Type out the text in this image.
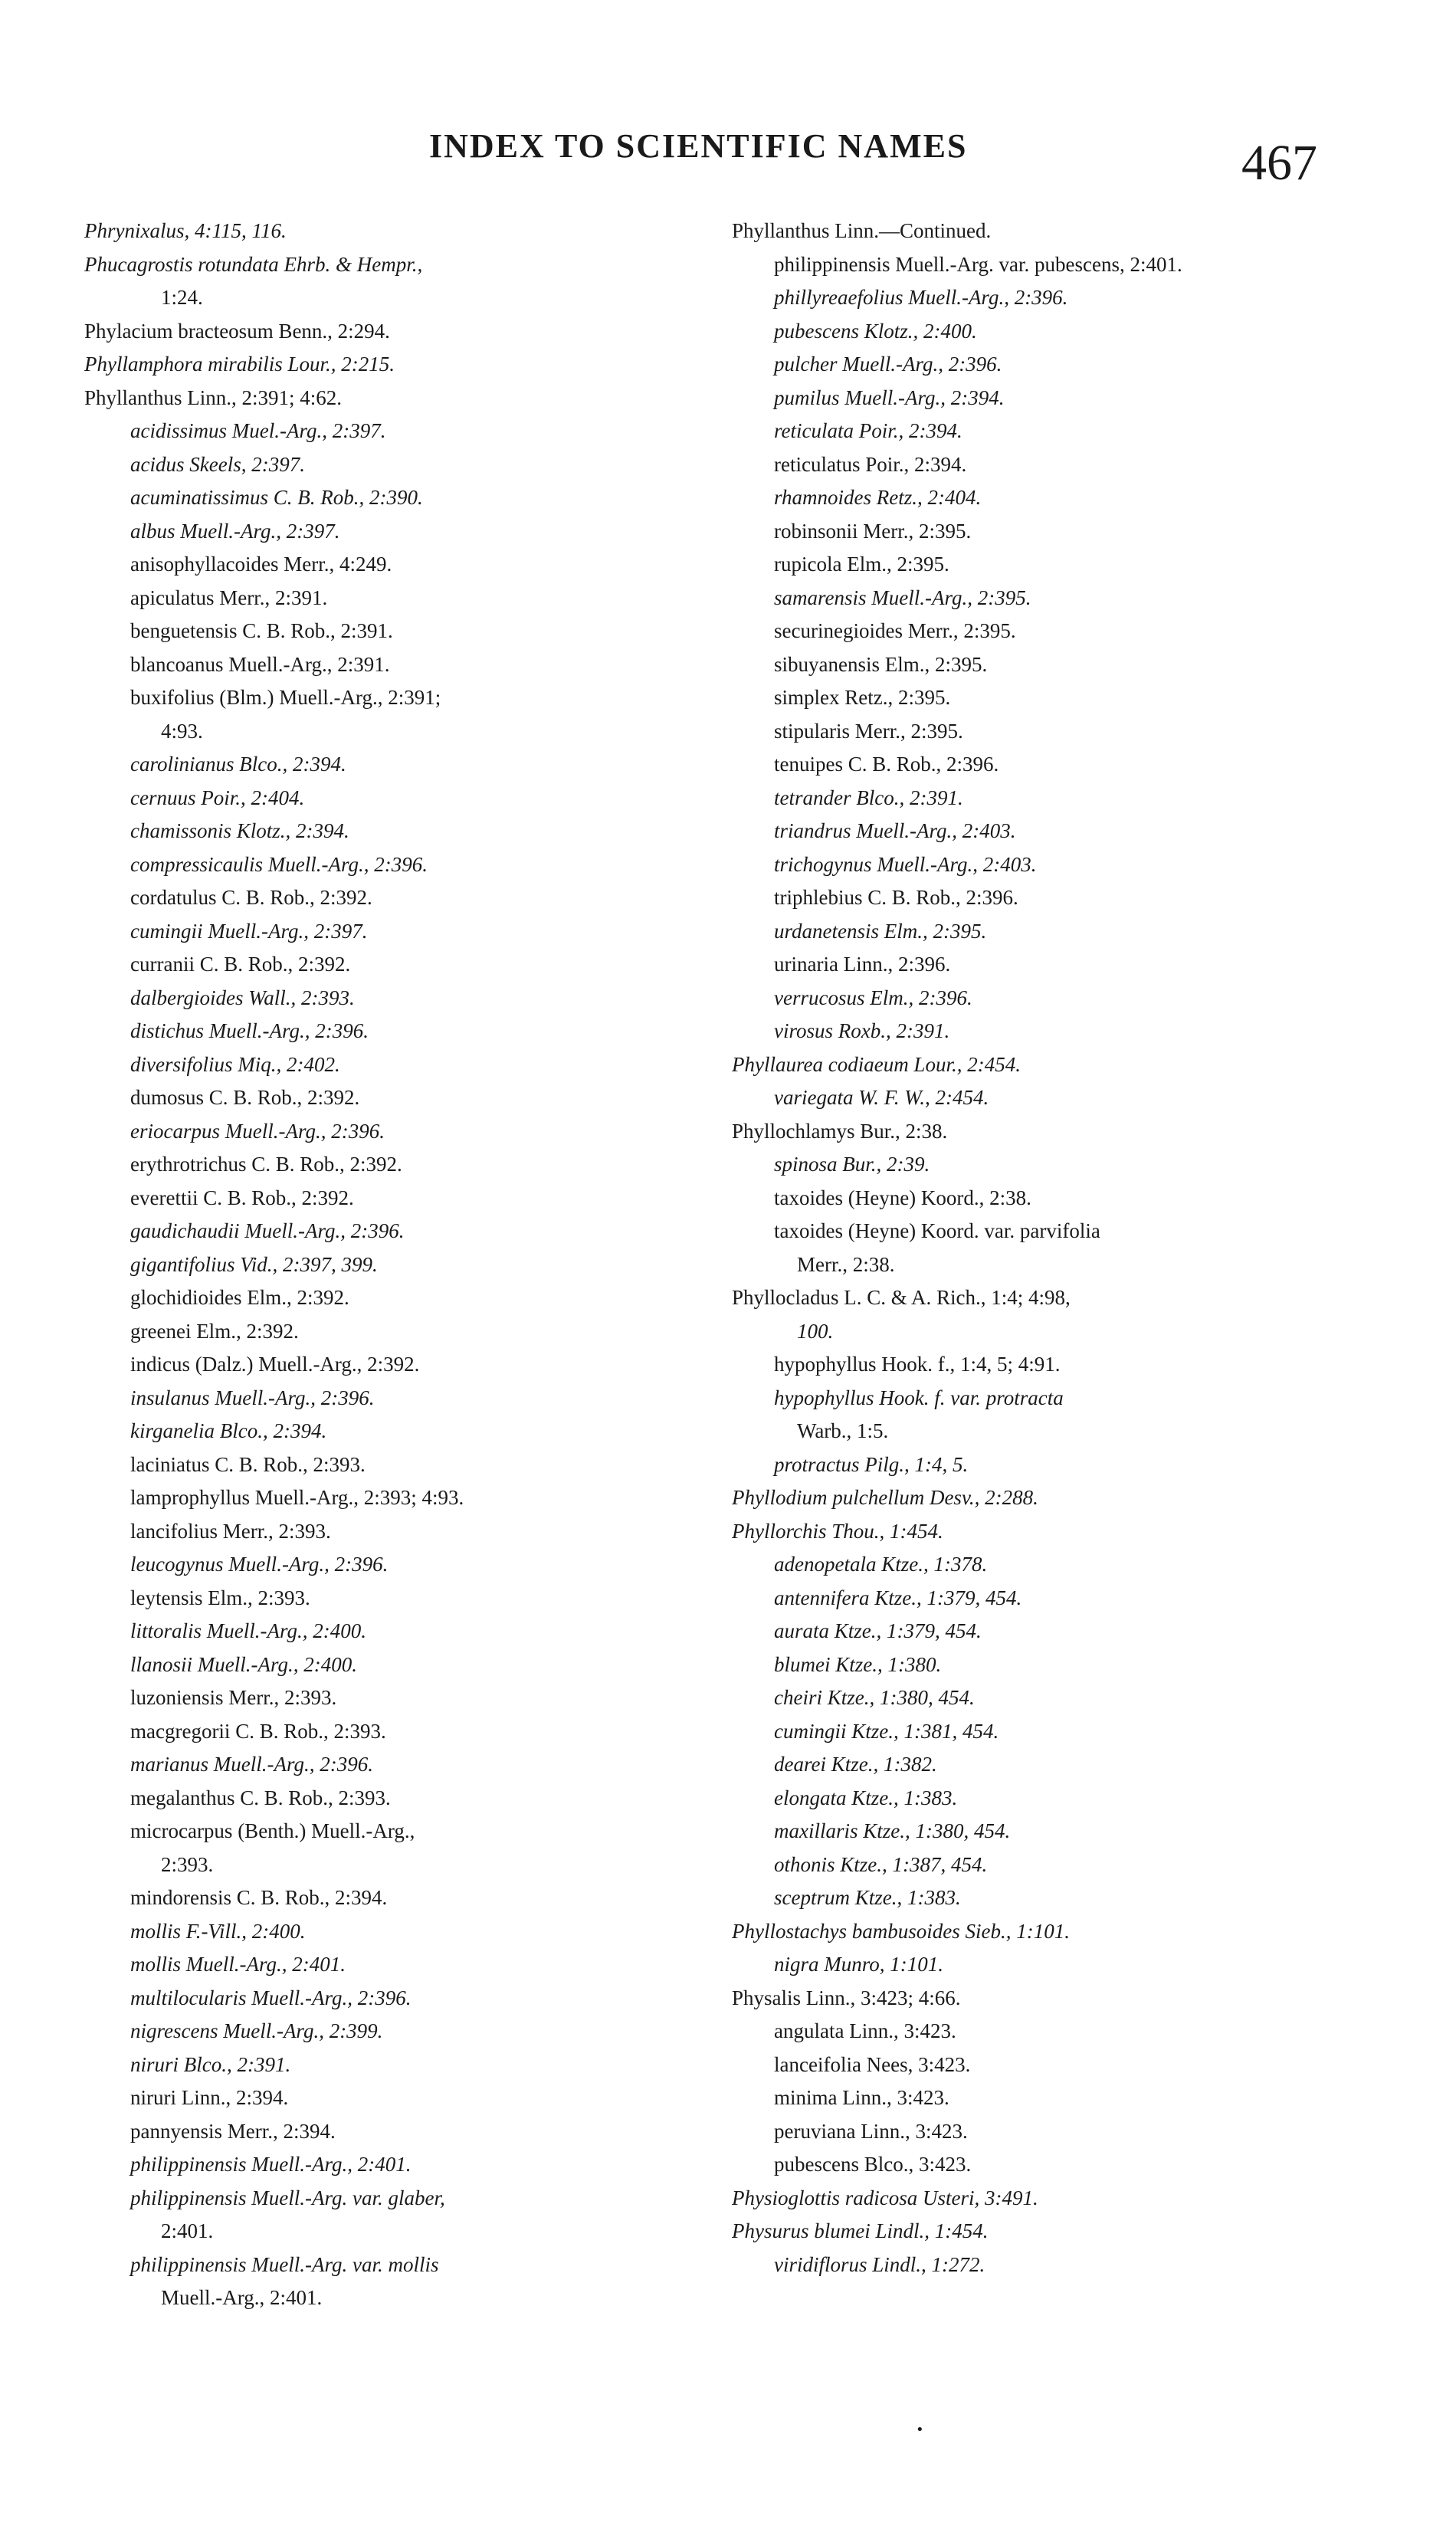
INDEX TO SCIENTIFIC NAMES	467
Phrynixalus, 4:115, 116.
Phucagrostis rotundata Ehrb. & Hempr.,
1:24.
Phylacium bracteosum Benn., 2:294.
Phyllamphora mirabilis Lour., 2:215.
Phyllanthus Linn., 2:391; 4:62.
acidissimus Muel.-Arg., 2:397.
acidus Skeels, 2:397.
acuminatissimus C. B. Rob., 2:390.
albus Muell.-Arg., 2:397.
anisophyllacoides Merr., 4:249.
apiculatus Merr., 2:391.
benguetensis C. B. Rob., 2:391.
blancoanus Muell.-Arg., 2:391.
buxifolius (Blm.) Muell.-Arg., 2:391;
4:93.
carolinianus Blco., 2:394.
cernuus Poir., 2:404.
chamissonis Klotz., 2:394.
compressicaulis Muell.-Arg., 2:396.
cordatulus C. B. Rob., 2:392.
cumingii Muell.-Arg., 2:397.
curranii C. B. Rob., 2:392.
dalbergioides Wall., 2:393.
distichus Muell.-Arg., 2:396.
diversifolius Miq., 2:402.
dumosus C. B. Rob., 2:392.
eriocarpus Muell.-Arg., 2:396.
erythrotrichus C. B. Rob., 2:392.
everettii C. B. Rob., 2:392.
gaudichaudii Muell.-Arg., 2:396.
gigantifolius Vid., 2:397, 399.
glochidioides Elm., 2:392.
greenei Elm., 2:392.
indicus (Dalz.) Muell.-Arg., 2:392.
insulanus Muell.-Arg., 2:396.
kirganelia Blco., 2:394.
laciniatus C. B. Rob., 2:393.
lamprophyllus Muell.-Arg., 2:393; 4:93.
lancifolius Merr., 2:393.
leucogynus Muell.-Arg., 2:396.
leytensis Elm., 2:393.
littoralis Muell.-Arg., 2:400.
llanosii Muell.-Arg., 2:400.
luzoniensis Merr., 2:393.
macgregorii C. B. Rob., 2:393.
marianus Muell.-Arg., 2:396.
megalanthus C. B. Rob., 2:393.
microcarpus (Benth.) Muell.-Arg.,
2:393.
mindorensis C. B. Rob., 2:394.
mollis F.-Vill., 2:400.
mollis Muell.-Arg., 2:401.
multilocularis Muell.-Arg., 2:396.
nigrescens Muell.-Arg., 2:399.
niruri Blco., 2:391.
niruri Linn., 2:394.
pannyensis Merr., 2:394.
philippinensis Muell.-Arg., 2:401.
philippinensis Muell.-Arg. var. glaber,
2:401.
philippinensis Muell.-Arg. var. mollis
Muell.-Arg., 2:401.
Phyllanthus Linn.—Continued.
philippinensis Muell.-Arg. var. pubescens, 2:401.
phillyreaefolius Muell.-Arg., 2:396.
pubescens Klotz., 2:400.
pulcher Muell.-Arg., 2:396.
pumilus Muell.-Arg., 2:394.
reticulata Poir., 2:394.
reticulatus Poir., 2:394.
rhamnoides Retz., 2:404.
robinsonii Merr., 2:395.
rupicola Elm., 2:395.
samarensis Muell.-Arg., 2:395.
securinegioides Merr., 2:395.
sibuyanensis Elm., 2:395.
simplex Retz., 2:395.
stipularis Merr., 2:395.
tenuipes C. B. Rob., 2:396.
tetrander Blco., 2:391.
triandrus Muell.-Arg., 2:403.
trichogynus Muell.-Arg., 2:403.
triphlebius C. B. Rob., 2:396.
urdanetensis Elm., 2:395.
urinaria Linn., 2:396.
verrucosus Elm., 2:396.
virosus Roxb., 2:391.
Phyllaurea codiaeum Lour., 2:454.
variegata W. F. W., 2:454.
Phyllochlamys Bur., 2:38.
spinosa Bur., 2:39.
taxoides (Heyne) Koord., 2:38.
taxoides (Heyne) Koord. var. parvifolia
Merr., 2:38.
Phyllocladus L. C. & A. Rich., 1:4; 4:98,
100.
hypophyllus Hook. f., 1:4, 5; 4:91.
hypophyllus Hook. f. var. protracta
Warb., 1:5.
protractus Pilg., 1:4, 5.
Phyllodium pulchellum Desv., 2:288.
Phyllorchis Thou., 1:454.
adenopetala Ktze., 1:378.
antennifera Ktze., 1:379, 454.
aurata Ktze., 1:379, 454.
blumei Ktze., 1:380.
cheiri Ktze., 1:380, 454.
cumingii Ktze., 1:381, 454.
dearei Ktze., 1:382.
elongata Ktze., 1:383.
maxillaris Ktze., 1:380, 454.
othonis Ktze., 1:387, 454.
sceptrum Ktze., 1:383.
Phyllostachys bambusoides Sieb., 1:101.
nigra Munro, 1:101.
Physalis Linn., 3:423; 4:66.
angulata Linn., 3:423.
lanceifolia Nees, 3:423.
minima Linn., 3:423.
peruviana Linn., 3:423.
pubescens Blco., 3:423.
Physioglottis radicosa Usteri, 3:491.
Physurus blumei Lindl., 1:454.
viridiflorus Lindl., 1:272.
•
